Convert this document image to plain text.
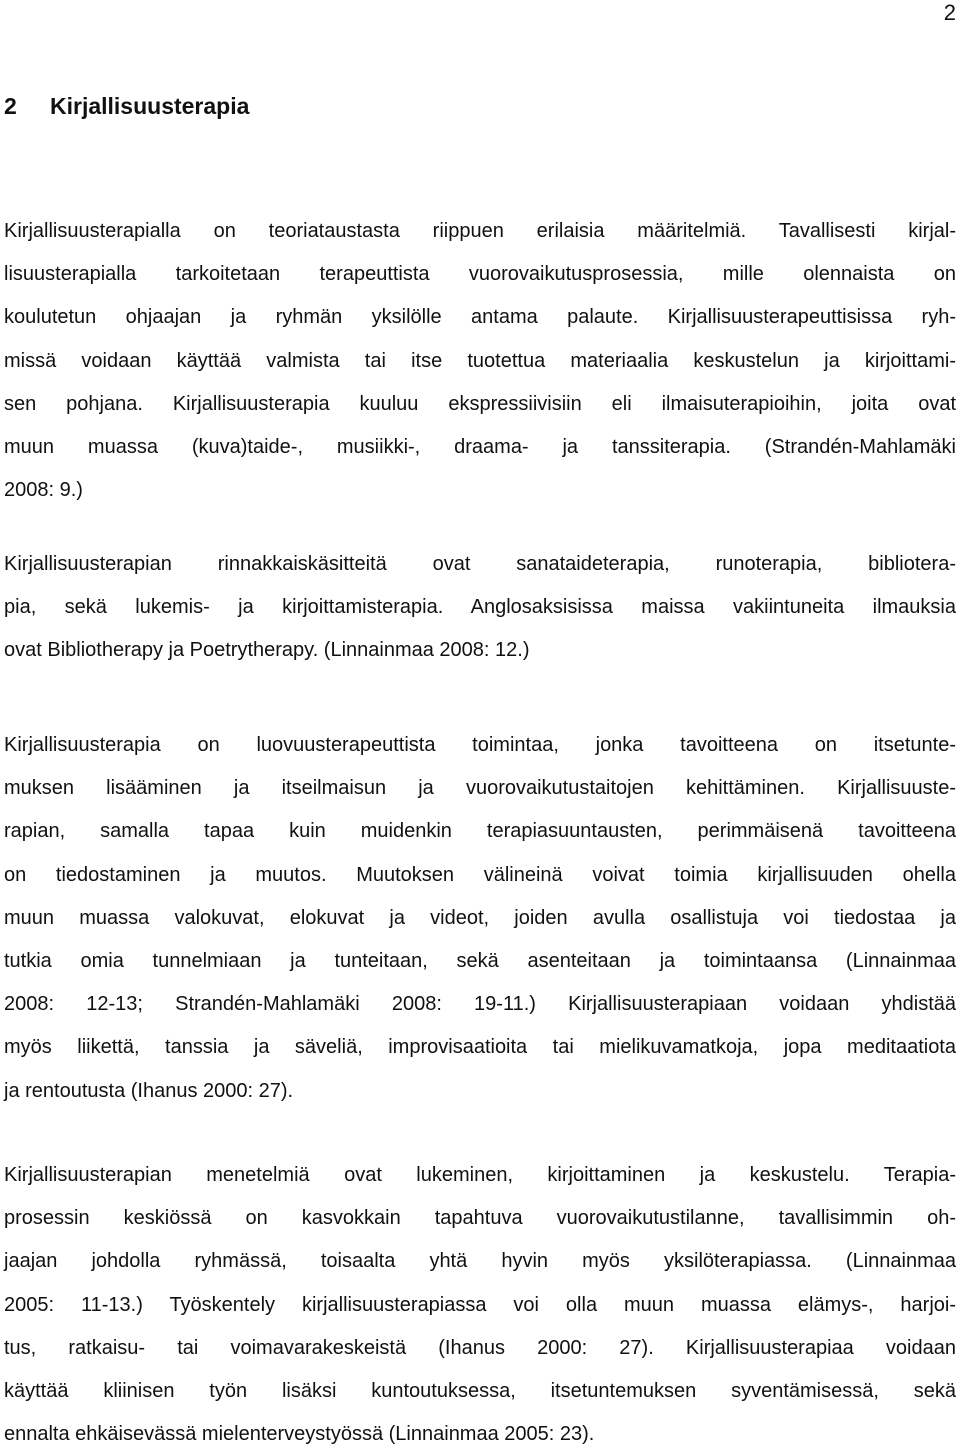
2
2 Kirjallisuusterapia
Kirjallisuusterapialla on teoriataustasta riippuen erilaisia määritelmiä. Tavallisesti kirjal-
lisuusterapialla tarkoitetaan terapeuttista vuorovaikutusprosessia, mille olennaista on
koulutetun ohjaajan ja ryhmän yksilölle antama palaute. Kirjallisuusterapeuttisissa ryh-
missä voidaan käyttää valmista tai itse tuotettua materiaalia keskustelun ja kirjoittami-
sen pohjana. Kirjallisuusterapia kuuluu ekspressiivisiin eli ilmaisuterapioihin, joita ovat
muun muassa (kuva)taide-, musiikki-, draama- ja tanssiterapia. (Strandén-Mahlamäki
2008: 9.)
Kirjallisuusterapian rinnakkaiskäsitteitä ovat sanataideterapia, runoterapia, bibliotera-
pia, sekä lukemis- ja kirjoittamisterapia. Anglosaksisissa maissa vakiintuneita ilmauksia
ovat Bibliotherapy ja Poetrytherapy. (Linnainmaa 2008: 12.)
Kirjallisuusterapia on luovuusterapeuttista toimintaa, jonka tavoitteena on itsetunte-
muksen lisääminen ja itseilmaisun ja vuorovaikutustaitojen kehittäminen. Kirjallisuuste-
rapian, samalla tapaa kuin muidenkin terapiasuuntausten, perimmäisenä tavoitteena
on tiedostaminen ja muutos. Muutoksen välineinä voivat toimia kirjallisuuden ohella
muun muassa valokuvat, elokuvat ja videot, joiden avulla osallistuja voi tiedostaa ja
tutkia omia tunnelmiaan ja tunteitaan, sekä asenteitaan ja toimintaansa (Linnainmaa
2008: 12-13; Strandén-Mahlamäki 2008: 19-11.) Kirjallisuusterapiaan voidaan yhdistää
myös liikettä, tanssia ja säveliä, improvisaatioita tai mielikuvamatkoja, jopa meditaatiota
ja rentoutusta (Ihanus 2000: 27).
Kirjallisuusterapian menetelmiä ovat lukeminen, kirjoittaminen ja keskustelu. Terapia-
prosessin keskiössä on kasvokkain tapahtuva vuorovaikutustilanne, tavallisimmin oh-
jaajan johdolla ryhmässä, toisaalta yhtä hyvin myös yksilöterapiassa. (Linnainmaa
2005: 11-13.) Työskentely kirjallisuusterapiassa voi olla muun muassa elämys-, harjoi-
tus, ratkaisu- tai voimavarakeskeistä (Ihanus 2000: 27). Kirjallisuusterapiaa voidaan
käyttää kliinisen työn lisäksi kuntoutuksessa, itsetuntemuksen syventämisessä, sekä
ennalta ehkäisevässä mielenterveystyössä (Linnainmaa 2005: 23).
